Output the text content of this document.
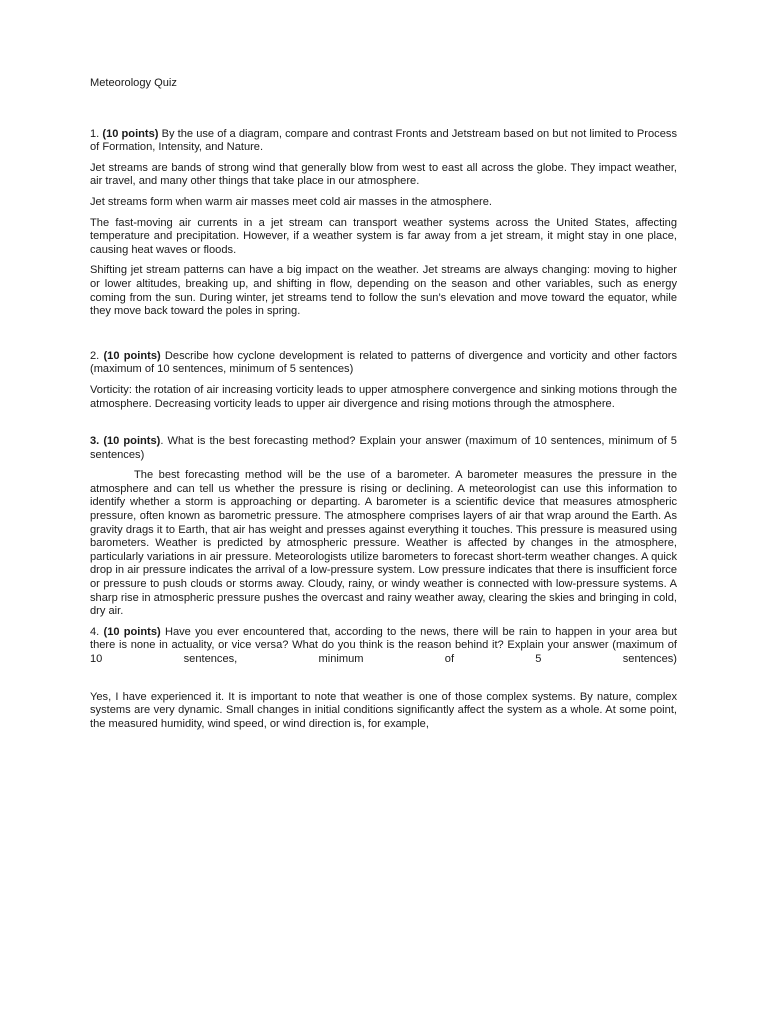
Meteorology Quiz

1. (10 points) By the use of a diagram, compare and contrast Fronts and Jetstream based on but not limited to Process of Formation, Intensity, and Nature.

Jet streams are bands of strong wind that generally blow from west to east all across the globe. They impact weather, air travel, and many other things that take place in our atmosphere.

Jet streams form when warm air masses meet cold air masses in the atmosphere.

The fast-moving air currents in a jet stream can transport weather systems across the United States, affecting temperature and precipitation. However, if a weather system is far away from a jet stream, it might stay in one place, causing heat waves or floods.

Shifting jet stream patterns can have a big impact on the weather. Jet streams are always changing: moving to higher or lower altitudes, breaking up, and shifting in flow, depending on the season and other variables, such as energy coming from the sun. During winter, jet streams tend to follow the sun’s elevation and move toward the equator, while they move back toward the poles in spring.

2. (10 points) Describe how cyclone development is related to patterns of divergence and vorticity and other factors (maximum of 10 sentences, minimum of 5 sentences)

Vorticity: the rotation of air increasing vorticity leads to upper atmosphere convergence and sinking motions through the atmosphere. Decreasing vorticity leads to upper air divergence and rising motions through the atmosphere.

3. (10 points). What is the best forecasting method? Explain your answer (maximum of 10 sentences, minimum of 5 sentences)

The best forecasting method will be the use of a barometer. A barometer measures the pressure in the atmosphere and can tell us whether the pressure is rising or declining. A meteorologist can use this information to identify whether a storm is approaching or departing. A barometer is a scientific device that measures atmospheric pressure, often known as barometric pressure. The atmosphere comprises layers of air that wrap around the Earth. As gravity drags it to Earth, that air has weight and presses against everything it touches. This pressure is measured using barometers. Weather is predicted by atmospheric pressure. Weather is affected by changes in the atmosphere, particularly variations in air pressure. Meteorologists utilize barometers to forecast short-term weather changes. A quick drop in air pressure indicates the arrival of a low-pressure system. Low pressure indicates that there is insufficient force or pressure to push clouds or storms away. Cloudy, rainy, or windy weather is connected with low-pressure systems. A sharp rise in atmospheric pressure pushes the overcast and rainy weather away, clearing the skies and bringing in cold, dry air.

4. (10 points) Have you ever encountered that, according to the news, there will be rain to happen in your area but there is none in actuality, or vice versa? What do you think is the reason behind it? Explain your answer (maximum of 10 sentences, minimum of 5 sentences)

Yes, I have experienced it. It is important to note that weather is one of those complex systems. By nature, complex systems are very dynamic. Small changes in initial conditions significantly affect the system as a whole. At some point, the measured humidity, wind speed, or wind direction is, for example,
